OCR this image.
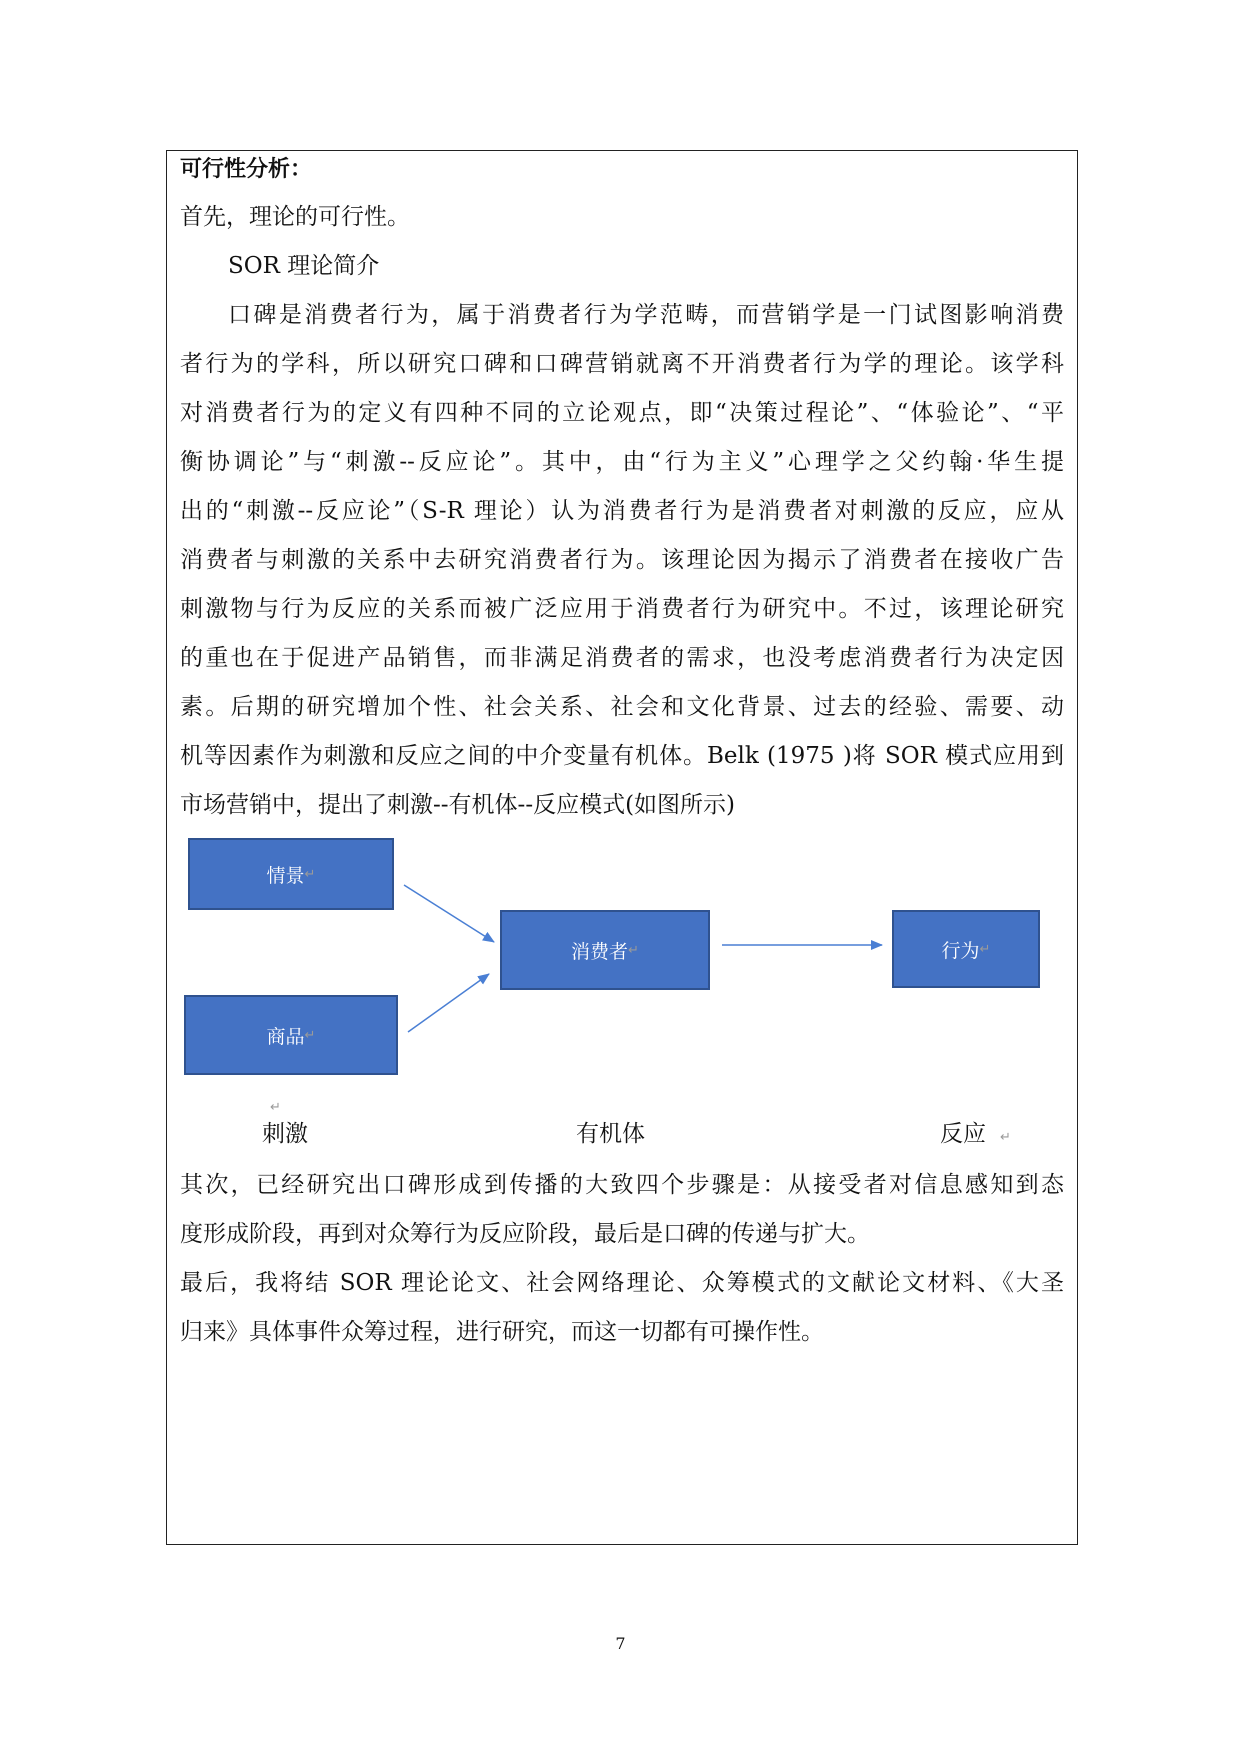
可行性分析：

首先，理论的可行性。

SOR 理论简介

口碑是消费者行为，属于消费者行为学范畴，而营销学是一门试图影响消费
者行为的学科，所以研究口碑和口碑营销就离不开消费者行为学的理论。该学科
对消费者行为的定义有四种不同的立论观点，即“决策过程论”、“体验论”、“平
衡协调论”与“刺激--反应论”。其中，由“行为主义”心理学之父约翰·华生提
出的“刺激--反应论”（S-R 理论）认为消费者行为是消费者对刺激的反应，应从
消费者与刺激的关系中去研究消费者行为。该理论因为揭示了消费者在接收广告
刺激物与行为反应的关系而被广泛应用于消费者行为研究中。不过，该理论研究
的重也在于促进产品销售，而非满足消费者的需求，也没考虑消费者行为决定因
素。后期的研究增加个性、社会关系、社会和文化背景、过去的经验、需要、动
机等因素作为刺激和反应之间的中介变量有机体。Belk (1975 )将 SOR 模式应用到
市场营销中，提出了刺激--有机体--反应模式(如图所示)
情景 ↵
商品 ↵
消费者 ↵	行为 ↵
↵
刺激	有机体	反应 ↵
其次，已经研究出口碑形成到传播的大致四个步骤是：从接受者对信息感知到态
度形成阶段，再到对众筹行为反应阶段，最后是口碑的传递与扩大。
最后，我将结 SOR 理论论文、社会网络理论、众筹模式的文献论文材料、《大圣
归来》具体事件众筹过程，进行研究，而这一切都有可操作性。
7
